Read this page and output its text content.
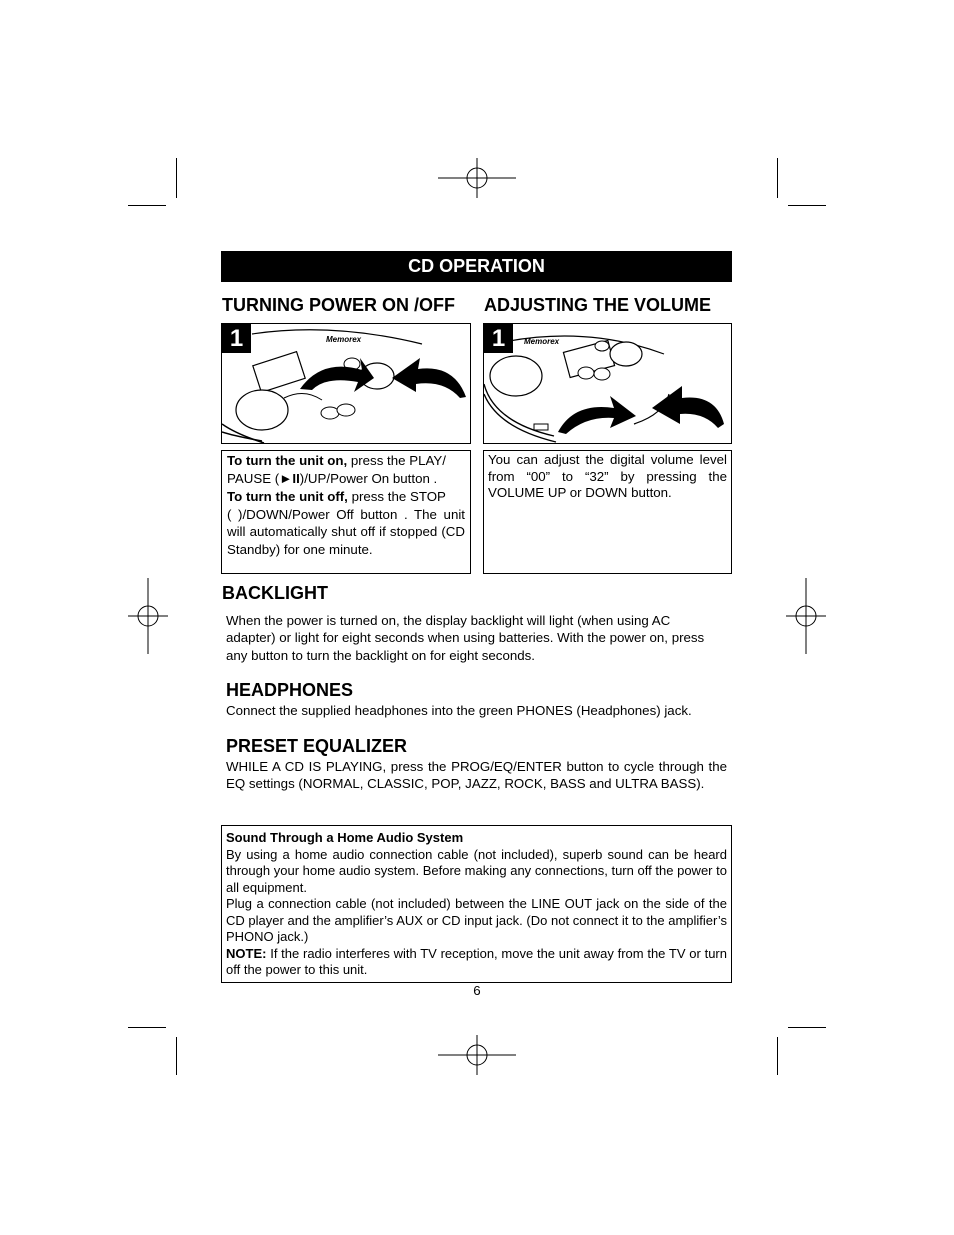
CD OPERATION
TURNING POWER ON /OFF
Memorex
1

To turn the unit on, press the PLAY/
PAUSE (►II)/UP/Power On button .

To turn the unit off, press the STOP
( )/DOWN/Power Off button . The unit will automatically shut off if stopped (CD Standby) for one minute.

ADJUSTING THE VOLUME
Memorex
1

You can adjust the digital volume level from “00” to “32” by pressing the VOLUME UP or DOWN button.

BACKLIGHT

When the power is turned on, the display backlight will light (when using AC adapter) or light for eight seconds when using batteries. With the power on, press any button to turn the backlight on for eight seconds.

HEADPHONES

Connect the supplied headphones into the green PHONES (Headphones) jack.

PRESET EQUALIZER

WHILE A CD IS PLAYING, press the PROG/EQ/ENTER button to cycle through the EQ settings (NORMAL, CLASSIC, POP, JAZZ, ROCK, BASS and ULTRA BASS).

Sound Through a Home Audio System

By using a home audio connection cable (not included), superb sound can be heard through your home audio system. Before making any connections, turn off the power to all equipment.

Plug a connection cable (not included) between the LINE OUT jack on the side of the CD player and the amplifier’s AUX or CD input jack. (Do not connect it to the amplifier’s PHONO jack.)

NOTE: If the radio interferes with TV reception, move the unit away from the TV or turn off the power to this unit.

6
